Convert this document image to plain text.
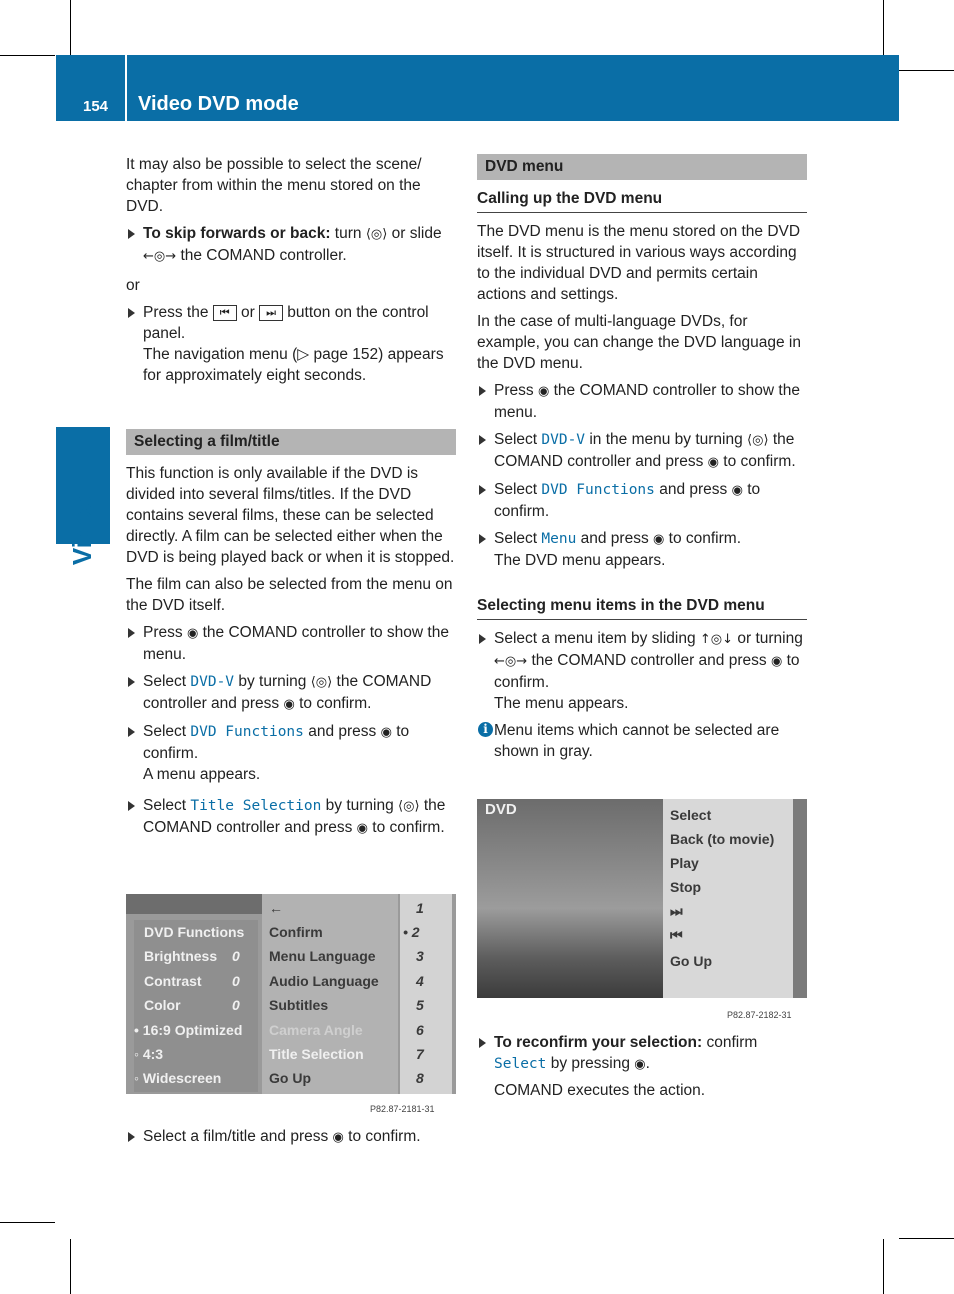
154 Video DVD mode
Video

It may also be possible to select the scene/ chapter from within the menu stored on the DVD.

To skip forwards or back: turn ⟨◎⟩ or slide ←◎→ the COMAND controller.

or

Press the ⏮ or ⏭ button on the control panel.
The navigation menu (▷ page 152) appears for approximately eight seconds.
Selecting a film/title

This function is only available if the DVD is divided into several films/titles. If the DVD contains several films, these can be selected directly. A film can be selected either when the DVD is being played back or when it is stopped.

The film can also be selected from the menu on the DVD itself.

Press ◉ the COMAND controller to show the menu.
Select DVD-V by turning ⟨◎⟩ the COMAND controller and press ◉ to confirm.
Select DVD Functions and press ◉ to confirm.
A menu appears.
Select Title Selection by turning ⟨◎⟩ the COMAND controller and press ◉ to confirm.
DVD Functions
Brightness
Contrast
Color
• 16:9 Optimized
◦ 4:3
◦ Widescreen
0
0
0
←
Confirm
Menu Language
Audio Language
Subtitles
Camera Angle
Title Selection
Go Up
1
• 2
3
4
5
6
7
8
P82.87-2181-31
Select a film/title and press ◉ to confirm.
DVD menu
Calling up the DVD menu

The DVD menu is the menu stored on the DVD itself. It is structured in various ways according to the individual DVD and permits certain actions and settings.

In the case of multi-language DVDs, for example, you can change the DVD language in the DVD menu.

Press ◉ the COMAND controller to show the menu.
Select DVD-V in the menu by turning ⟨◎⟩ the COMAND controller and press ◉ to confirm.
Select DVD Functions and press ◉ to confirm.
Select Menu and press ◉ to confirm.
The DVD menu appears.
Selecting menu items in the DVD menu
Select a menu item by sliding ↑◎↓ or turning ←◎→ the COMAND controller and press ◉ to confirm.
The menu appears.
i Menu items which cannot be selected are shown in gray.
DVD	Select
Back (to movie)
Play
Stop
⏭
⏮
Go Up
P82.87-2182-31
To reconfirm your selection: confirm Select by pressing ◉.
COMAND executes the action.
